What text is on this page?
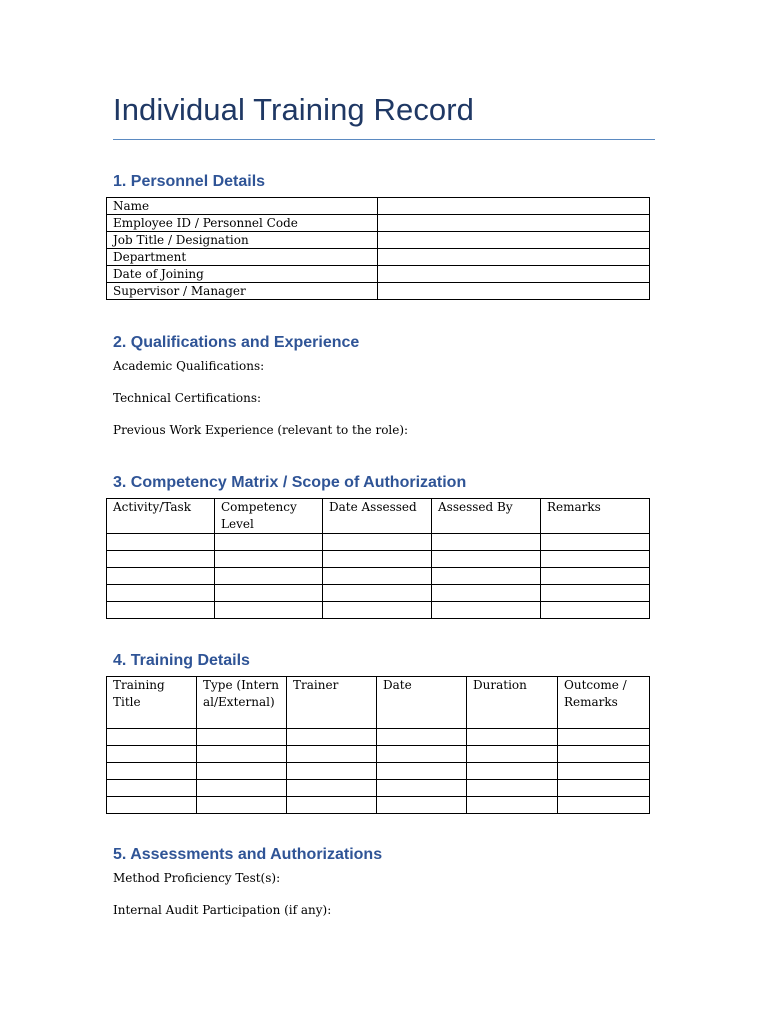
Individual Training Record
1. Personnel Details
Name	
Employee ID / Personnel Code	
Job Title / Designation	
Department	
Date of Joining	
Supervisor / Manager	
2. Qualifications and Experience

Academic Qualifications:

Technical Certifications:

Previous Work Experience (relevant to the role):

3. Competency Matrix / Scope of Authorization
Activity/Task	Competency Level	Date Assessed	Assessed By	Remarks

4. Training Details
Training Title	Type (Internal/External)	Trainer	Date	Duration	Outcome / Remarks

5. Assessments and Authorizations

Method Proficiency Test(s):

Internal Audit Participation (if any):
